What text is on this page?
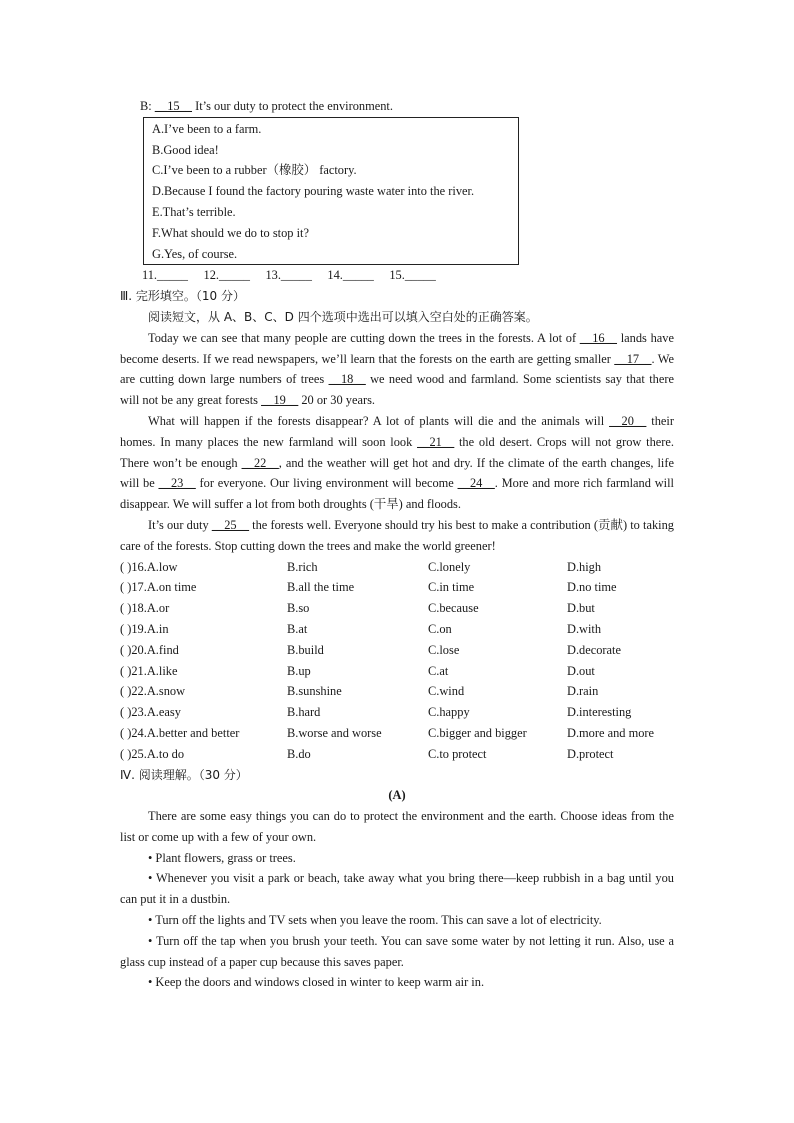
B: __15__ It’s our duty to protect the environment.
A.I’ve been to a farm.
B.Good idea!
C.I’ve been to a rubber（橡胶） factory.
D.Because I found the factory pouring waste water into the river.
E.That’s terrible.
F.What should we do to stop it?
G.Yes, of course.
11._____     12._____     13._____     14._____     15._____
Ⅲ. 完形填空。（10 分）
阅读短文，从 A、B、C、D 四个选项中选出可以填入空白处的正确答案。
Today we can see that many people are cutting down the trees in the forests. A lot of __16__ lands have become deserts. If we read newspapers, we’ll learn that the forests on the earth are getting smaller __17__. We are cutting down large numbers of trees __18__ we need wood and farmland. Some scientists say that there will not be any great forests __19__ 20 or 30 years.
What will happen if the forests disappear? A lot of plants will die and the animals will __20__ their homes. In many places the new farmland will soon look __21__ the old desert. Crops will not grow there. There won’t be enough __22__, and the weather will get hot and dry. If the climate of the earth changes, life will be __23__ for everyone. Our living environment will become __24__. More and more rich farmland will disappear. We will suffer a lot from both droughts (干旱) and floods.
It’s our duty __25__ the forests well. Everyone should try his best to make a contribution (贡献) to taking care of the forests. Stop cutting down the trees and make the world greener!
( )16.A.low	B.rich	C.lonely	D.high
( )17.A.on time	B.all the time	C.in time	D.no time
( )18.A.or	B.so	C.because	D.but
( )19.A.in	B.at	C.on	D.with
( )20.A.find	B.build	C.lose	D.decorate
( )21.A.like	B.up	C.at	D.out
( )22.A.snow	B.sunshine	C.wind	D.rain
( )23.A.easy	B.hard	C.happy	D.interesting
( )24.A.better and better	B.worse and worse	C.bigger and bigger	D.more and more
( )25.A.to do	B.do	C.to protect	D.protect
Ⅳ. 阅读理解。（30 分）
(A)
There are some easy things you can do to protect the environment and the earth. Choose ideas from the list or come up with a few of your own.
• Plant flowers, grass or trees.
• Whenever you visit a park or beach, take away what you bring there—keep rubbish in a bag until you can put it in a dustbin.
• Turn off the lights and TV sets when you leave the room. This can save a lot of electricity.
• Turn off the tap when you brush your teeth. You can save some water by not letting it run. Also, use a glass cup instead of a paper cup because this saves paper.
• Keep the doors and windows closed in winter to keep warm air in.
